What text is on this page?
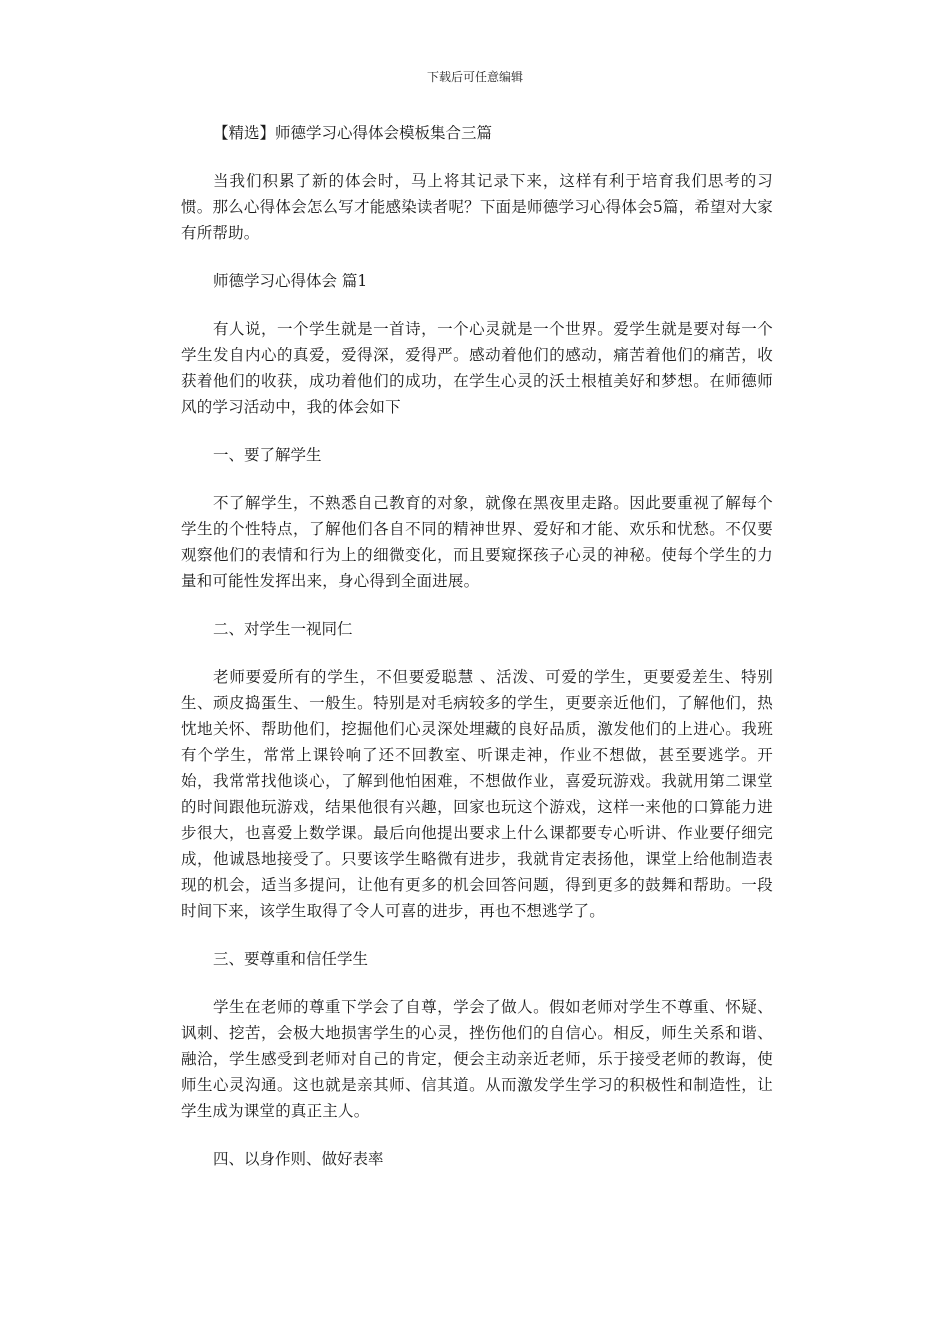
下载后可任意编辑

【精选】师德学习心得体会模板集合三篇

当我们积累了新的体会时，马上将其记录下来，这样有利于培育我们思考的习惯。那么心得体会怎么写才能感染读者呢？下面是师德学习心得体会5篇，希望对大家有所帮助。

师德学习心得体会 篇1

有人说，一个学生就是一首诗，一个心灵就是一个世界。爱学生就是要对每一个学生发自内心的真爱，爱得深，爱得严。感动着他们的感动，痛苦着他们的痛苦，收获着他们的收获，成功着他们的成功，在学生心灵的沃土根植美好和梦想。在师德师风的学习活动中，我的体会如下

一、要了解学生

不了解学生，不熟悉自己教育的对象，就像在黑夜里走路。因此要重视了解每个学生的个性特点，了解他们各自不同的精神世界、爱好和才能、欢乐和忧愁。不仅要观察他们的表情和行为上的细微变化，而且要窥探孩子心灵的神秘。使每个学生的力量和可能性发挥出来，身心得到全面进展。

二、对学生一视同仁

老师要爱所有的学生，不但要爱聪慧 、活泼、可爱的学生，更要爱差生、特别生、顽皮捣蛋生、一般生。特别是对毛病较多的学生，更要亲近他们，了解他们，热忱地关怀、帮助他们，挖掘他们心灵深处埋藏的良好品质，激发他们的上进心。我班有个学生，常常上课铃响了还不回教室、听课走神，作业不想做，甚至要逃学。开始，我常常找他谈心，了解到他怕困难，不想做作业，喜爱玩游戏。我就用第二课堂的时间跟他玩游戏，结果他很有兴趣，回家也玩这个游戏，这样一来他的口算能力进步很大，也喜爱上数学课。最后向他提出要求上什么课都要专心听讲、作业要仔细完成，他诚恳地接受了。只要该学生略微有进步，我就肯定表扬他，课堂上给他制造表现的机会，适当多提问，让他有更多的机会回答问题，得到更多的鼓舞和帮助。一段时间下来，该学生取得了令人可喜的进步，再也不想逃学了。

三、要尊重和信任学生

学生在老师的尊重下学会了自尊，学会了做人。假如老师对学生不尊重、怀疑、讽刺、挖苦，会极大地损害学生的心灵，挫伤他们的自信心。相反，师生关系和谐、融洽，学生感受到老师对自己的肯定，便会主动亲近老师，乐于接受老师的教诲，使师生心灵沟通。这也就是亲其师、信其道。从而激发学生学习的积极性和制造性，让学生成为课堂的真正主人。

四、以身作则、做好表率
